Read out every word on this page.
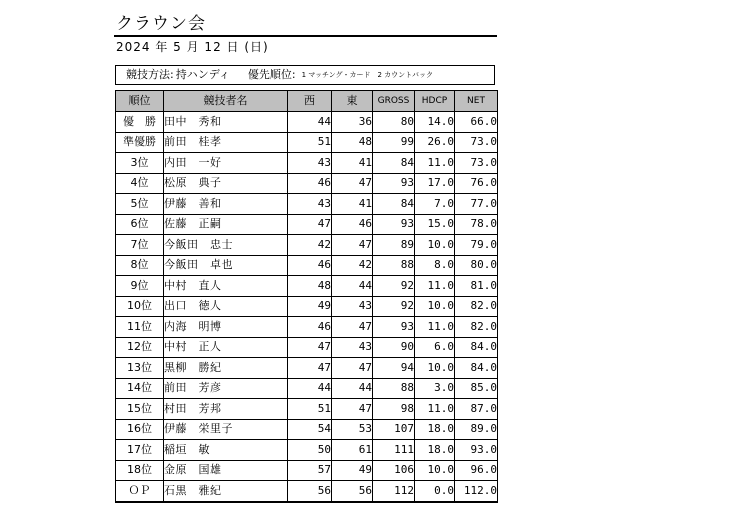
クラウン会
2024 年 5 月 12 日 (日)
競技方法: 持ハンディ 優先順位: 1 マッチング・カード　2 カウントバック
順位	競技者名	西	東	GROSS	HDCP	NET
優　勝	田中　秀和	44	36	80	14.0	66.0
準優勝	前田　桂孝	51	48	99	26.0	73.0
3位	内田　一好	43	41	84	11.0	73.0
4位	松原　典子	46	47	93	17.0	76.0
5位	伊藤　善和	43	41	84	7.0	77.0
6位	佐藤　正嗣	47	46	93	15.0	78.0
7位	今飯田　忠士	42	47	89	10.0	79.0
8位	今飯田　卓也	46	42	88	8.0	80.0
9位	中村　直人	48	44	92	11.0	81.0
10位	出口　徳人	49	43	92	10.0	82.0
11位	内海　明博	46	47	93	11.0	82.0
12位	中村　正人	47	43	90	6.0	84.0
13位	黒柳　勝紀	47	47	94	10.0	84.0
14位	前田　芳彦	44	44	88	3.0	85.0
15位	村田　芳邦	51	47	98	11.0	87.0
16位	伊藤　栄里子	54	53	107	18.0	89.0
17位	稲垣　敏	50	61	111	18.0	93.0
18位	金原　国雄	57	49	106	10.0	96.0
ＯＰ	石黒　雅紀	56	56	112	0.0	112.0
